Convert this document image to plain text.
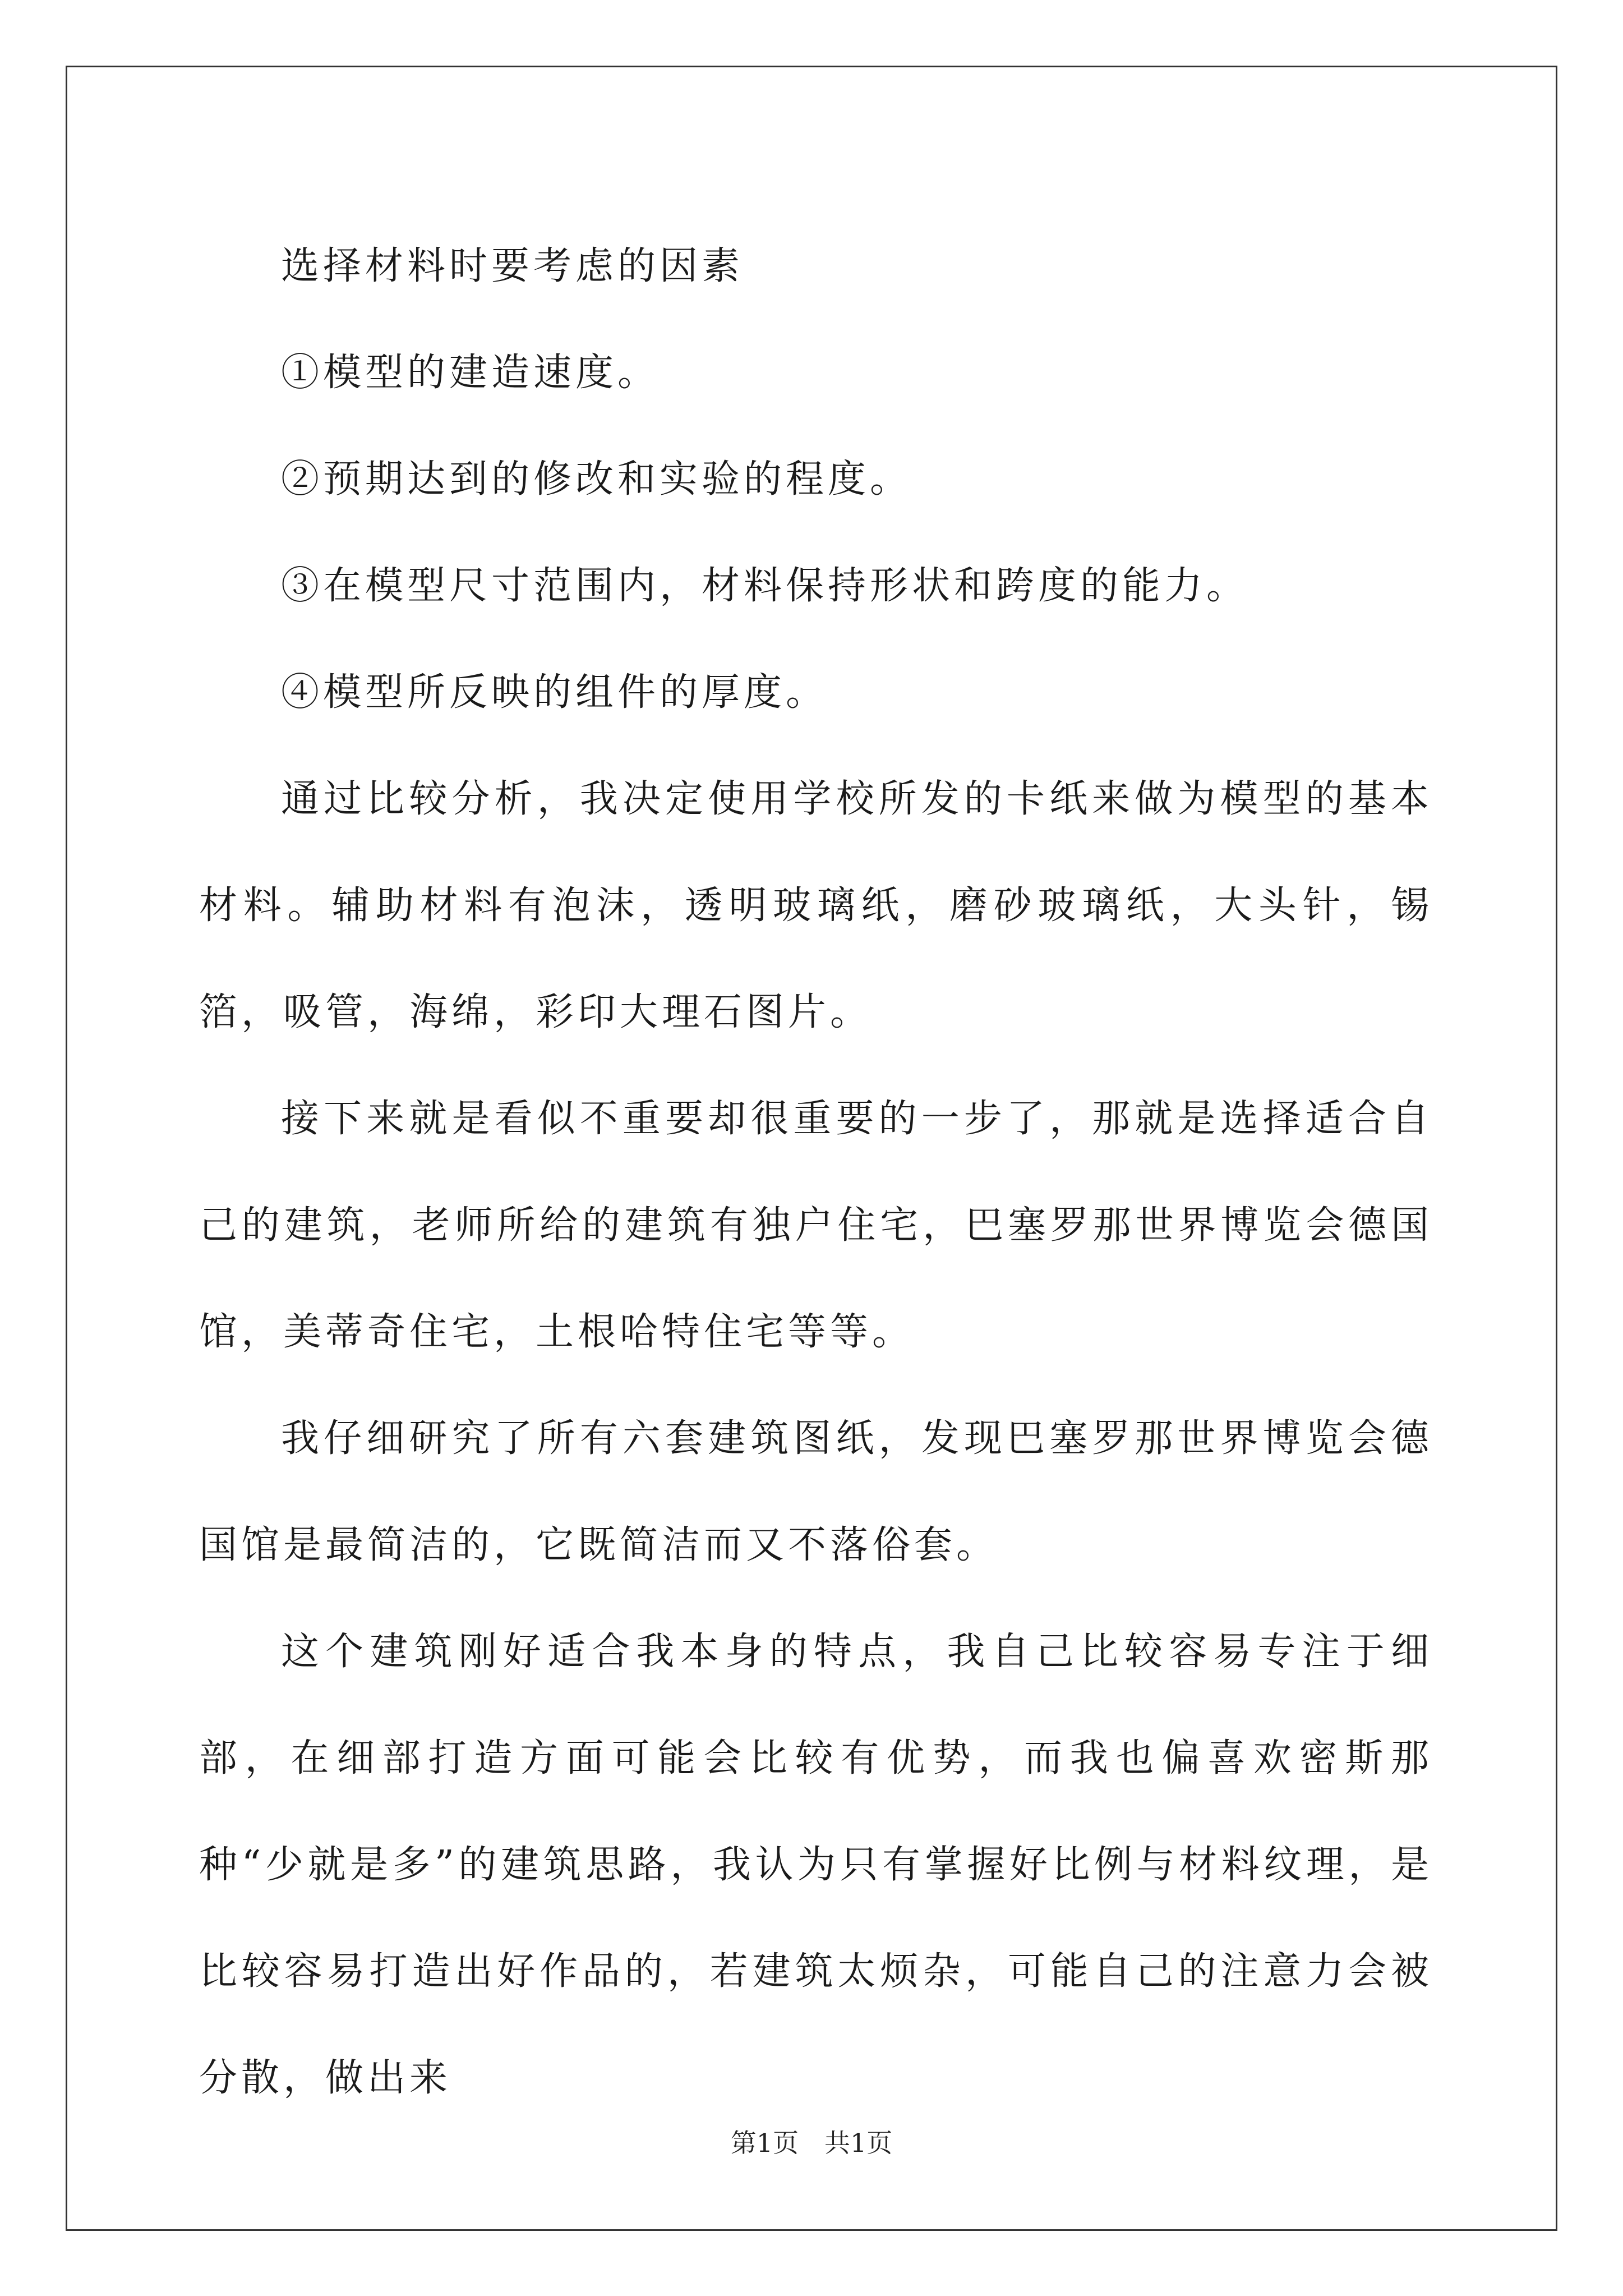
选择材料时要考虑的因素

①模型的建造速度。

②预期达到的修改和实验的程度。

③在模型尺寸范围内，材料保持形状和跨度的能力。

④模型所反映的组件的厚度。

通过比较分析，我决定使用学校所发的卡纸来做为模型的基本材料。辅助材料有泡沫，透明玻璃纸，磨砂玻璃纸，大头针，锡箔，吸管，海绵，彩印大理石图片。

接下来就是看似不重要却很重要的一步了，那就是选择适合自己的建筑，老师所给的建筑有独户住宅，巴塞罗那世界博览会德国馆，美蒂奇住宅，土根哈特住宅等等。

我仔细研究了所有六套建筑图纸，发现巴塞罗那世界博览会德国馆是最简洁的，它既简洁而又不落俗套。

这个建筑刚好适合我本身的特点，我自己比较容易专注于细部，在细部打造方面可能会比较有优势，而我也偏喜欢密斯那种“少就是多”的建筑思路，我认为只有掌握好比例与材料纹理，是比较容易打造出好作品的，若建筑太烦杂，可能自己的注意力会被分散，做出来

第1页　共1页
